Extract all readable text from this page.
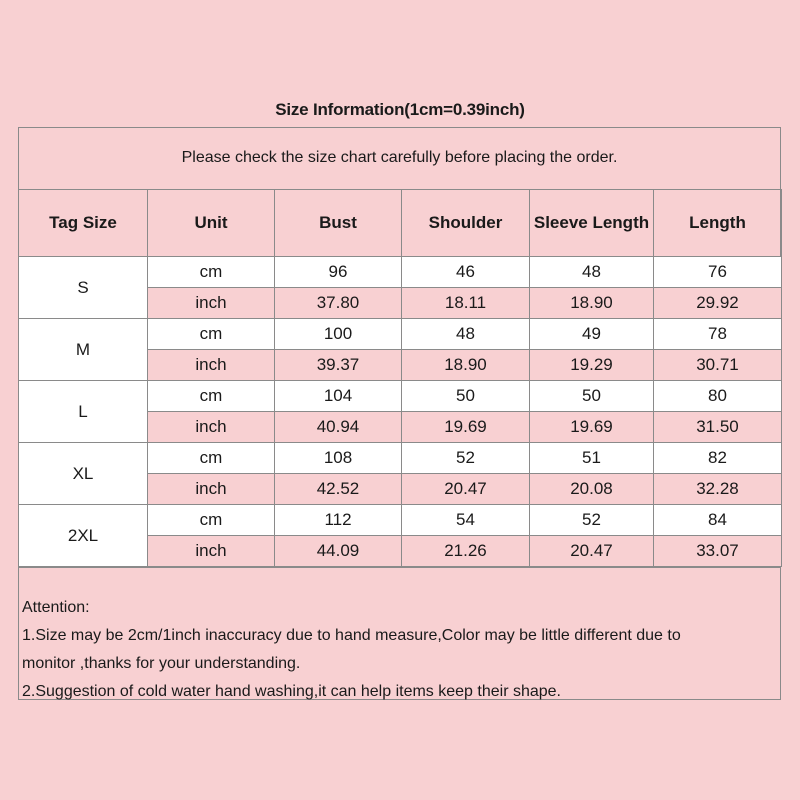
Size Information(1cm=0.39inch)
Please check the size chart carefully before placing the order.
Tag Size	Unit	Bust	Shoulder	Sleeve Length	Length
S	cm	96	46	48	76
	inch	37.80	18.11	18.90	29.92
M	cm	100	48	49	78
	inch	39.37	18.90	19.29	30.71
L	cm	104	50	50	80
	inch	40.94	19.69	19.69	31.50
XL	cm	108	52	51	82
	inch	42.52	20.47	20.08	32.28
2XL	cm	112	54	52	84
	inch	44.09	21.26	20.47	33.07
Attention:
1.Size may be 2cm/1inch inaccuracy due to hand measure,Color may be little different due to
monitor ,thanks for your understanding.
2.Suggestion of cold water hand washing,it can help items keep their shape.
